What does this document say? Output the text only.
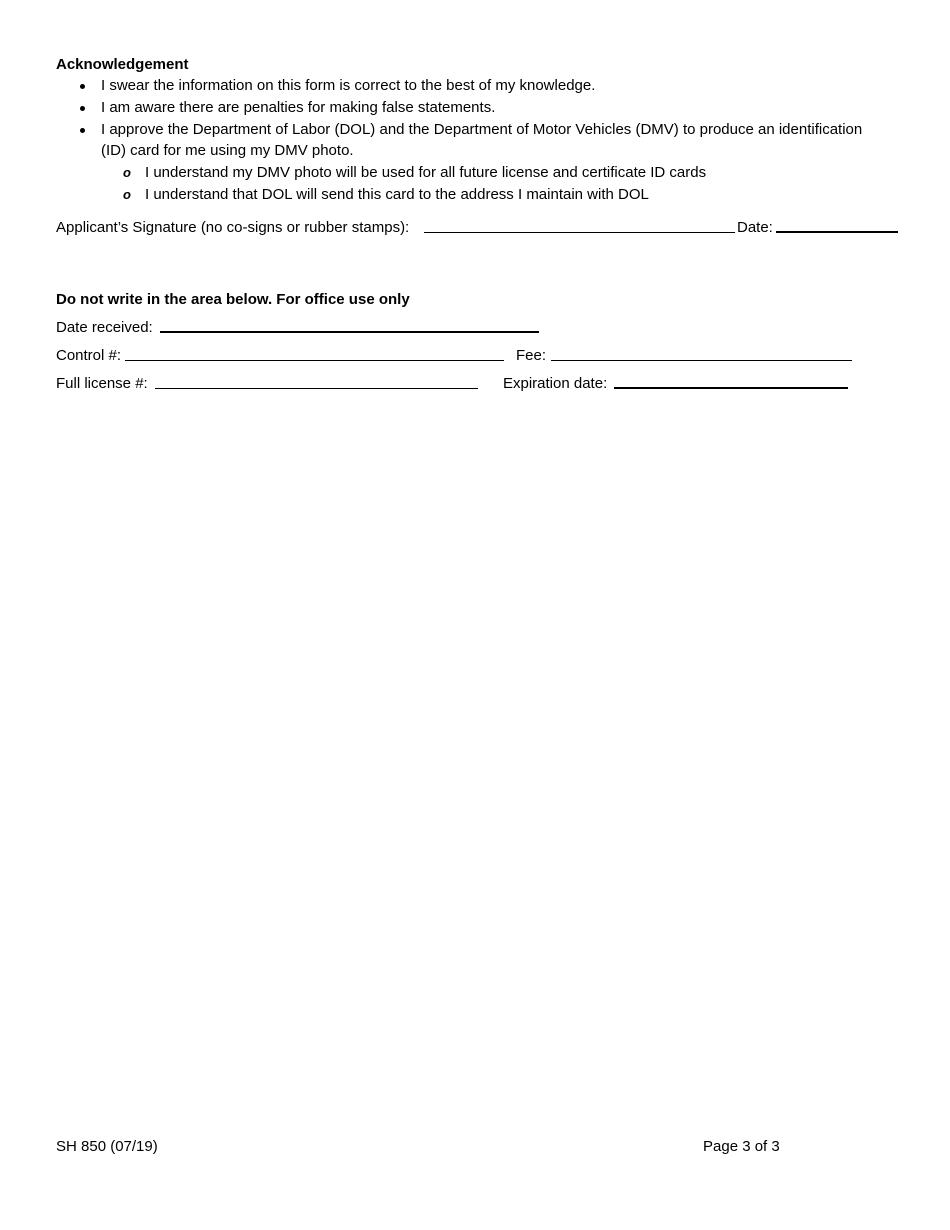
Acknowledgement
I swear the information on this form is correct to the best of my knowledge.
I am aware there are penalties for making false statements.
I approve the Department of Labor (DOL) and the Department of Motor Vehicles (DMV) to produce an identification
(ID) card for me using my DMV photo.
o I understand my DMV photo will be used for all future license and certificate ID cards
o I understand that DOL will send this card to the address I maintain with DOL
Applicant’s Signature (no co-signs or rubber stamps):	Date:
Do not write in the area below. For office use only
Date received:
Control #:	Fee:
Full license #:	Expiration date:
SH 850 (07/19)	Page 3 of 3
